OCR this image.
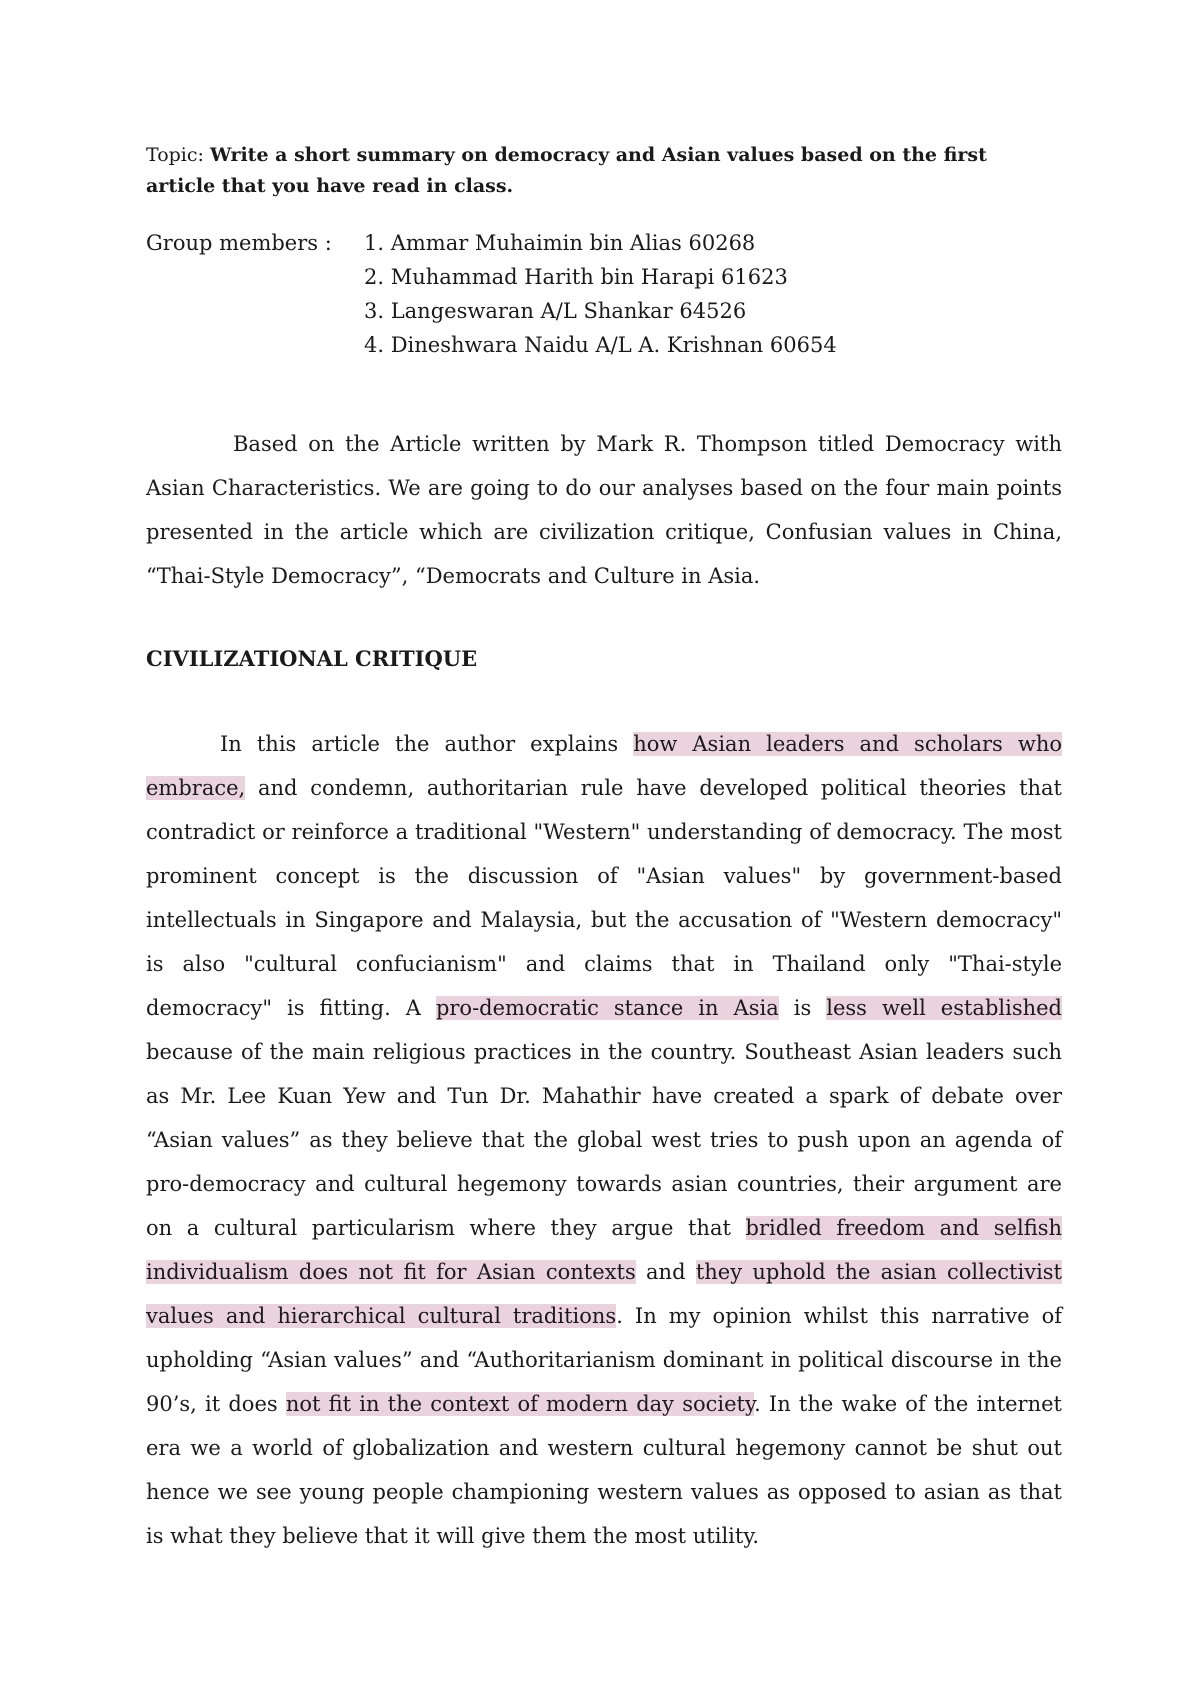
Topic: Write a short summary on democracy and Asian values based on the first article that you have read in class.

Group members :	1. Ammar Muhaimin bin Alias 60268
2. Muhammad Harith bin Harapi 61623
3. Langeswaran A/L Shankar 64526
4. Dineshwara Naidu A/L A. Krishnan 60654

Based on the Article written by Mark R. Thompson titled Democracy with Asian Characteristics. We are going to do our analyses based on the four main points presented in the article which are civilization critique, Confusian values in China, “Thai-Style Democracy”, “Democrats and Culture in Asia.

CIVILIZATIONAL CRITIQUE

In this article the author explains how Asian leaders and scholars who embrace, and condemn, authoritarian rule have developed political theories that contradict or reinforce a traditional "Western" understanding of democracy. The most prominent concept is the discussion of "Asian values" by government-based intellectuals in Singapore and Malaysia, but the accusation of "Western democracy" is also "cultural confucianism" and claims that in Thailand only "Thai-style democracy" is fitting. A pro-democratic stance in Asia is less well established because of the main religious practices in the country. Southeast Asian leaders such as Mr. Lee Kuan Yew and Tun Dr. Mahathir have created a spark of debate over “Asian values” as they believe that the global west tries to push upon an agenda of pro-democracy and cultural hegemony towards asian countries, their argument are on a cultural particularism where they argue that bridled freedom and selfish individualism does not fit for Asian contexts and they uphold the asian collectivist values and hierarchical cultural traditions. In my opinion whilst this narrative of upholding “Asian values” and “Authoritarianism dominant in political discourse in the 90’s, it does not fit in the context of modern day society. In the wake of the internet era we a world of globalization and western cultural hegemony cannot be shut out hence we see young people championing western values as opposed to asian as that is what they believe that it will give them the most utility.
